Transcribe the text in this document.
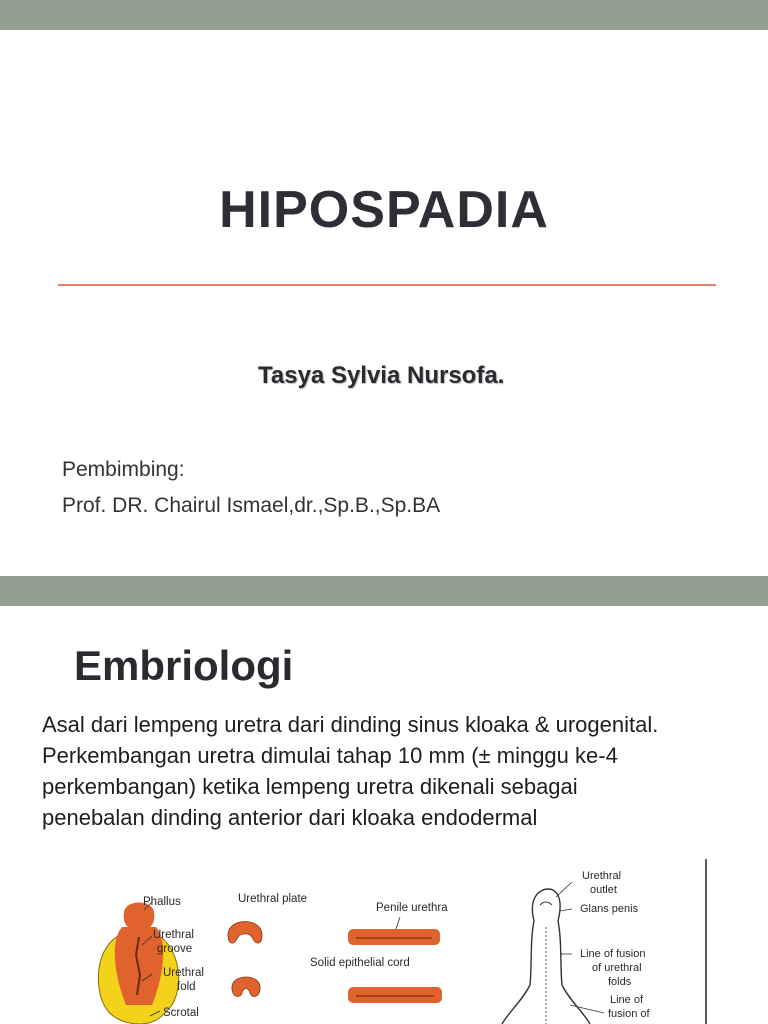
HIPOSPADIA
Tasya Sylvia Nursofa.
Pembimbing:
Prof. DR. Chairul Ismael,dr.,Sp.B.,Sp.BA
Embriologi
Asal dari lempeng uretra dari dinding sinus kloaka & urogenital.
Perkembangan uretra dimulai tahap 10 mm (± minggu ke-4
perkembangan) ketika lempeng uretra dikenali sebagai
penebalan dinding anterior dari kloaka endodermal
Phallus
Urethral
groove
Urethral
fold
Scrotal
Urethral plate
Penile urethra
Solid epithelial cord
Urethral
outlet
Glans penis
Line of fusion
of urethral
folds
Line of
fusion of
